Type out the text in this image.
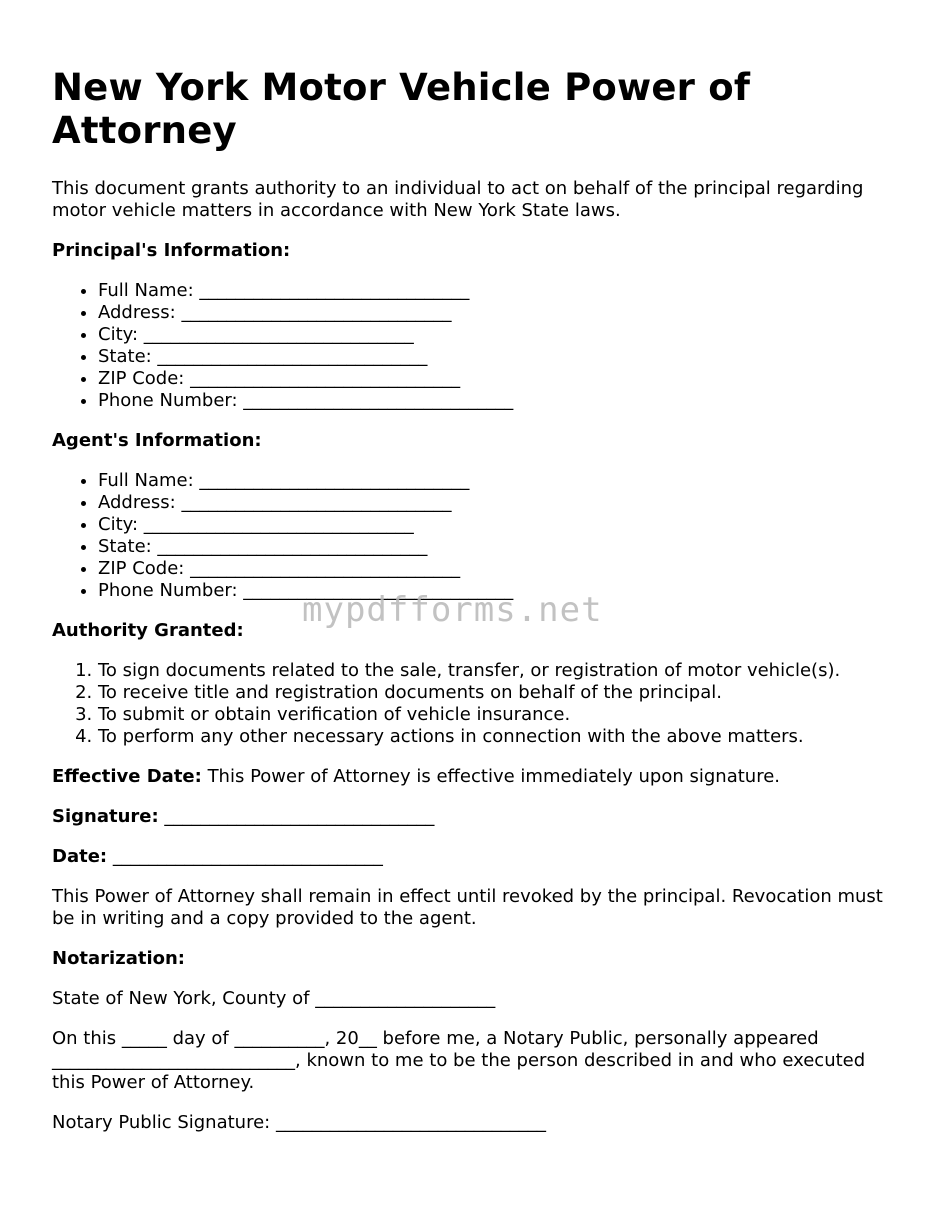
New York Motor Vehicle Power of Attorney

This document grants authority to an individual to act on behalf of the principal regarding motor vehicle matters in accordance with New York State laws.

Principal's Information:

• Full Name: ______________________________
• Address: ______________________________
• City: ______________________________
• State: ______________________________
• ZIP Code: ______________________________
• Phone Number: ______________________________

Agent's Information:

• Full Name: ______________________________
• Address: ______________________________
• City: ______________________________
• State: ______________________________
• ZIP Code: ______________________________
• Phone Number: ______________________________

Authority Granted:

1. To sign documents related to the sale, transfer, or registration of motor vehicle(s).
2. To receive title and registration documents on behalf of the principal.
3. To submit or obtain verification of vehicle insurance.
4. To perform any other necessary actions in connection with the above matters.

Effective Date: This Power of Attorney is effective immediately upon signature.

Signature: ______________________________

Date: ______________________________

This Power of Attorney shall remain in effect until revoked by the principal. Revocation must be in writing and a copy provided to the agent.

Notarization:

State of New York, County of ____________________

On this _____ day of __________, 20__ before me, a Notary Public, personally appeared ___________________________, known to me to be the person described in and who executed this Power of Attorney.

Notary Public Signature: ______________________________

mypdfforms.net
